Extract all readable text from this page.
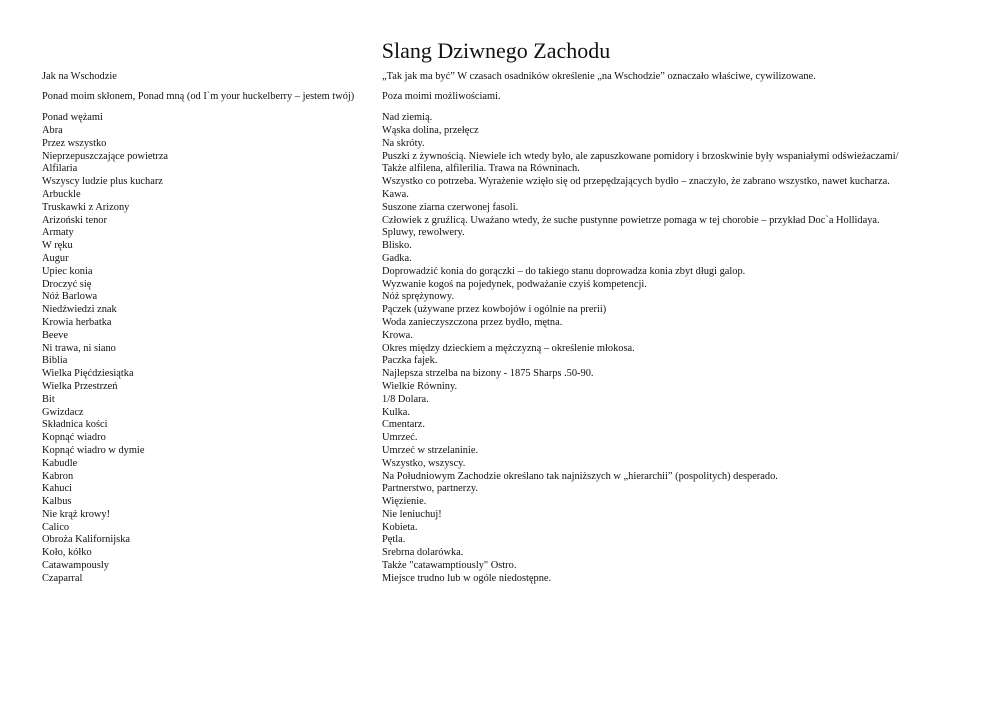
Slang Dziwnego Zachodu
Jak na Wschodzie	„Tak jak ma być” W czasach osadników określenie „na Wschodzie” oznaczało właściwe, cywilizowane.
Ponad moim skłonem, Ponad mną (od I`m your huckelberry – jestem twój)	Poza moimi możliwościami.
Ponad wężami	Nad ziemią.
Abra	Wąska dolina, przełęcz
Przez wszystko	Na skróty.
Nieprzepuszczające powietrza	Puszki z żywnością. Niewiele ich wtedy było, ale zapuszkowane pomidory i brzoskwinie były wspaniałymi odświeżaczami/
Alfilaria	Także alfilena, alfilerilia. Trawa na Równinach.
Wszyscy ludzie plus kucharz	Wszystko co potrzeba. Wyrażenie wzięło się od przepędzających bydło – znaczyło, że zabrano wszystko, nawet kucharza.
Arbuckle	Kawa.
Truskawki z Arizony	Suszone ziarna czerwonej fasoli.
Arizoński tenor	Człowiek z gruźlicą. Uważano wtedy, że suche pustynne powietrze pomaga w tej chorobie – przykład Doc`a Hollidaya.
Armaty	Spluwy, rewolwery.
W ręku	Blisko.
Augur	Gadka.
Upiec konia	Doprowadzić konia do gorączki – do takiego stanu doprowadza konia zbyt długi galop.
Droczyć się	Wyzwanie kogoś na pojedynek, podważanie czyiś kompetencji.
Nóż Barlowa	Nóż sprężynowy.
Niedźwiedzi znak	Pączek (używane przez kowbojów i ogólnie na prerii)
Krowia herbatka	Woda zanieczyszczona przez bydło, mętna.
Beeve	Krowa.
Ni trawa, ni siano	Okres między dzieckiem a mężczyzną – określenie młokosa.
Biblia	Paczka fajek.
Wielka Pięćdziesiątka	Najlepsza strzelba na bizony - 1875 Sharps .50-90.
Wielka Przestrzeń	Wielkie Równiny.
Bit	1/8 Dolara.
Gwizdacz	Kulka.
Składnica kości	Cmentarz.
Kopnąć wiadro	Umrzeć.
Kopnąć wiadro w dymie	Umrzeć w strzelaninie.
Kabudle	Wszystko, wszyscy.
Kabron	Na Południowym Zachodzie określano tak najniższych w „hierarchii” (pospolitych) desperado.
Kahuci	Partnerstwo, partnerzy.
Kalbus	Więzienie.
Nie krąż krowy!	Nie leniuchuj!
Calico	Kobieta.
Obroża Kalifornijska	Pętla.
Koło, kółko	Srebrna dolarówka.
Catawampously	Także "catawamptiously" Ostro.
Czaparral	Miejsce trudno lub w ogóle niedostępne.
